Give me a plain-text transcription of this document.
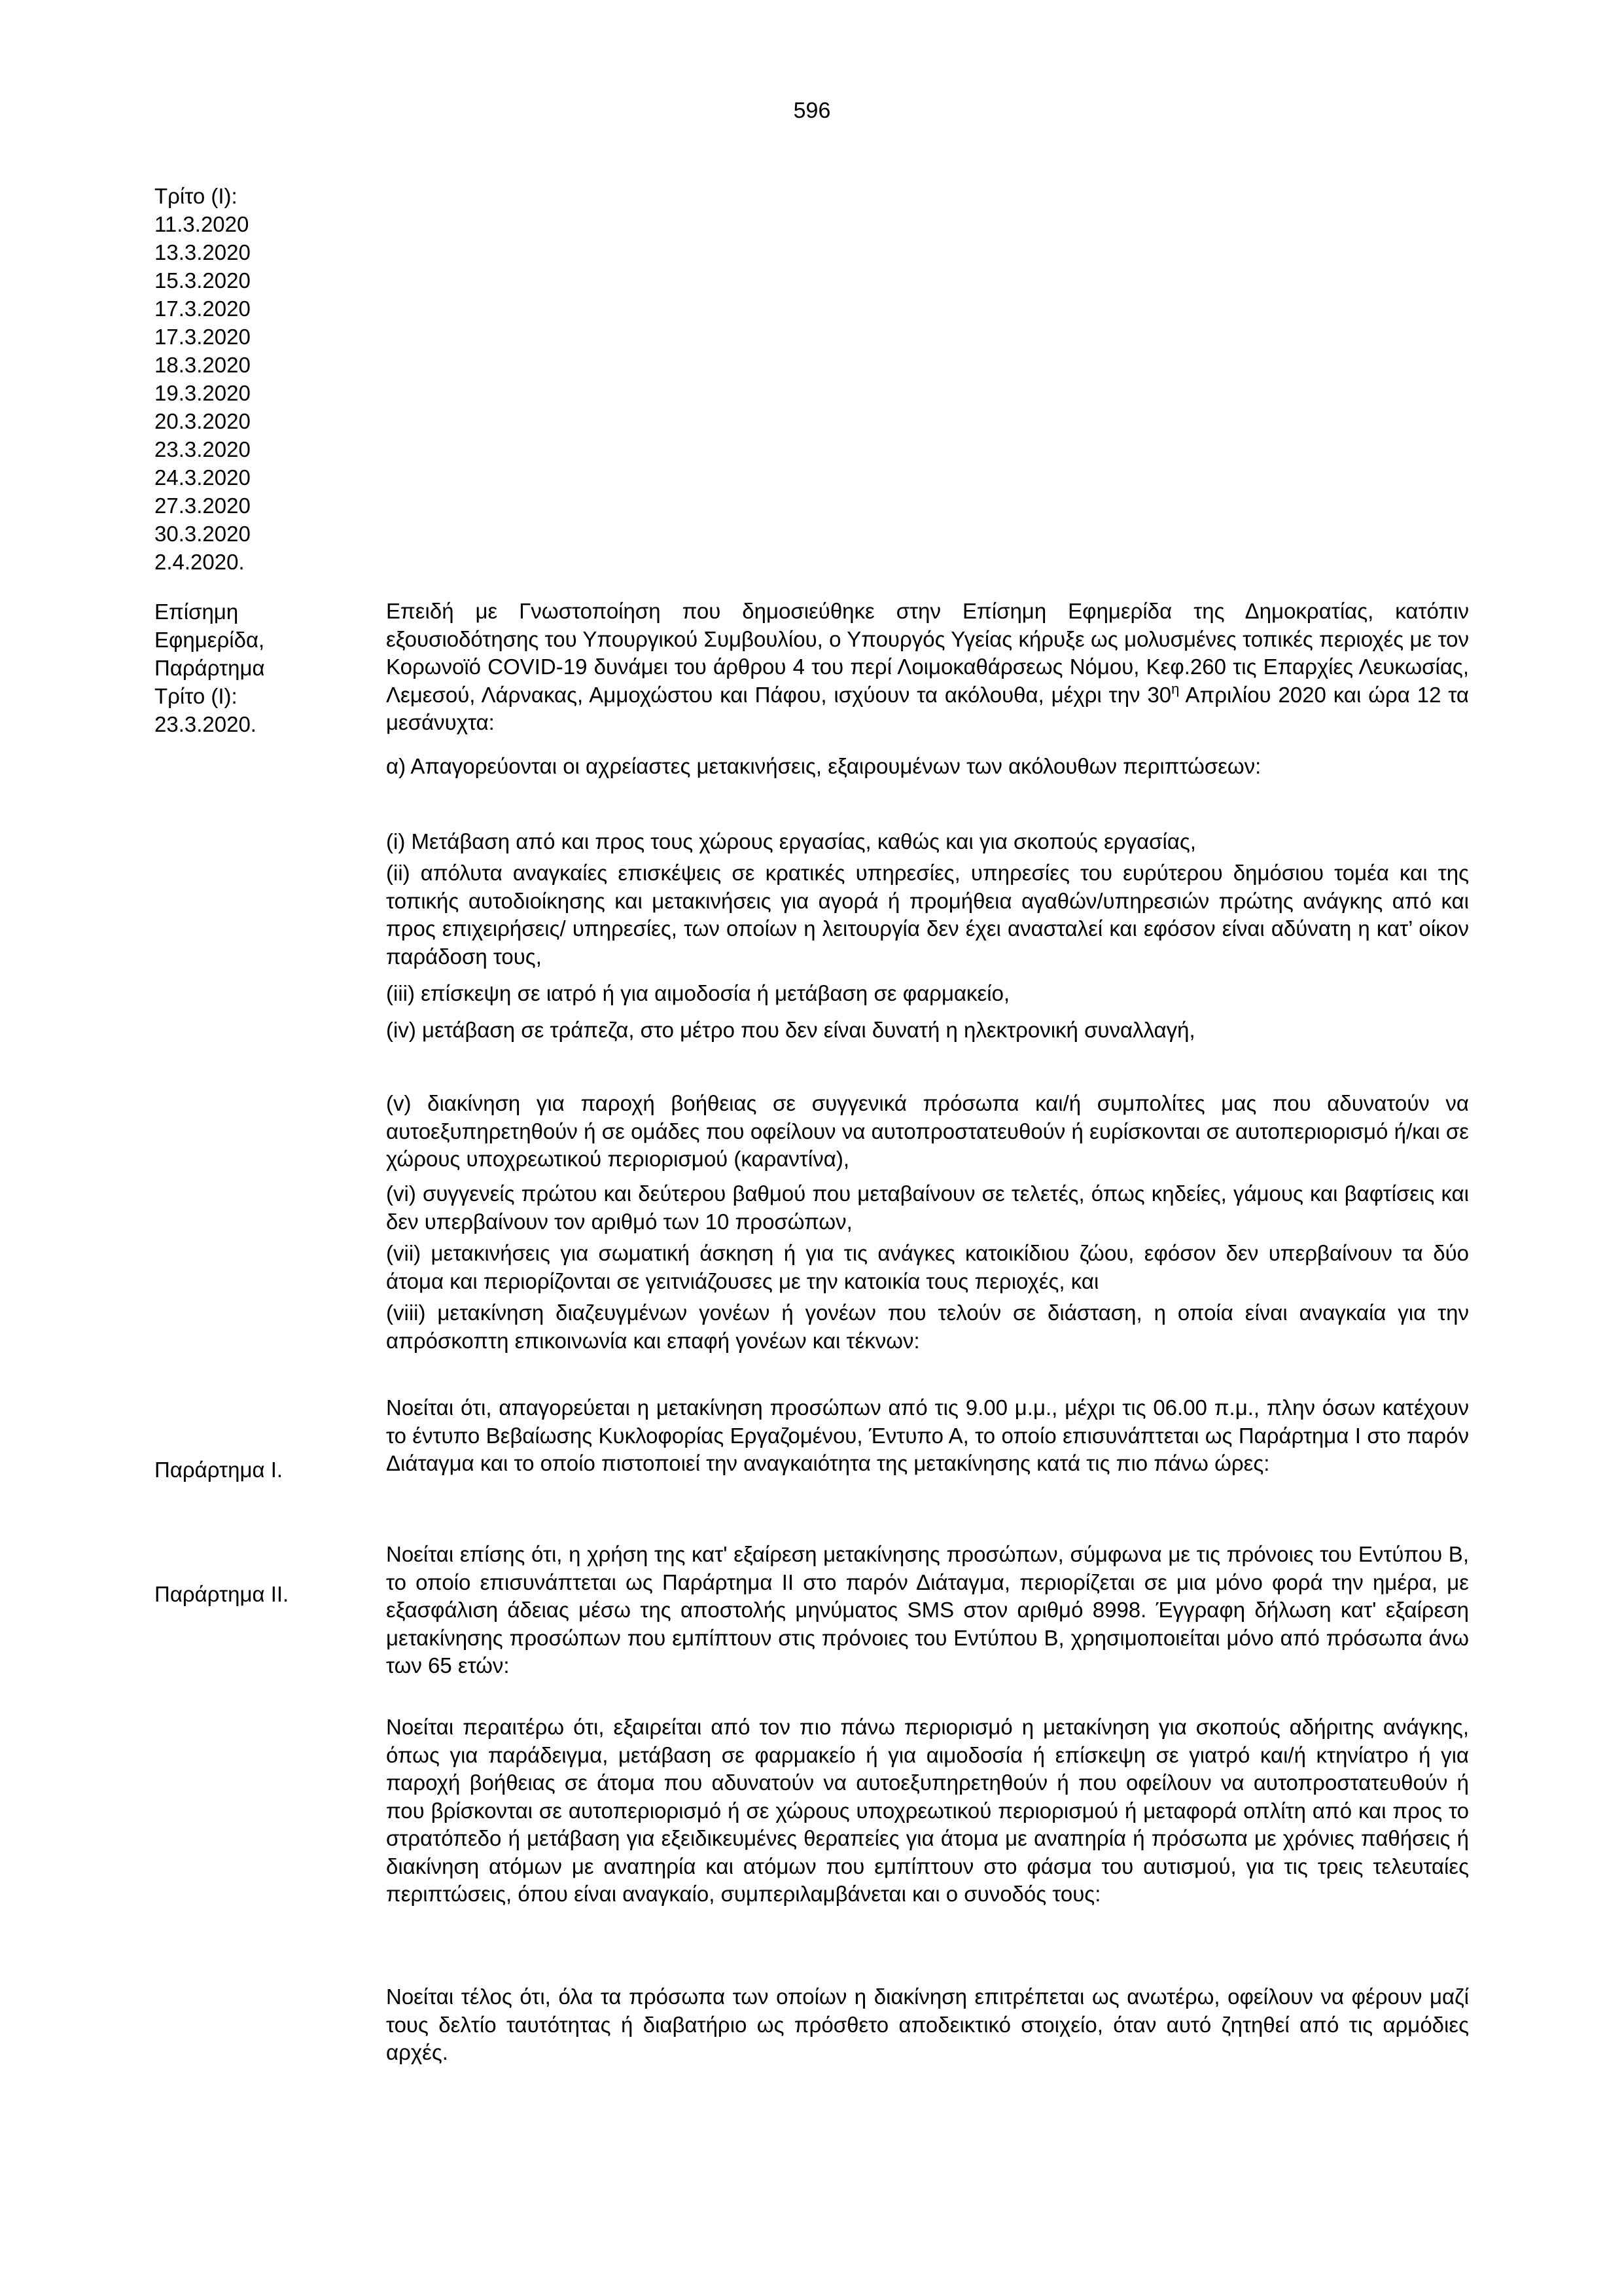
596
Τρίτο (Ι):
11.3.2020
13.3.2020
15.3.2020
17.3.2020
17.3.2020
18.3.2020
19.3.2020
20.3.2020
23.3.2020
24.3.2020
27.3.2020
30.3.2020
2.4.2020.
Επίσημη
Εφημερίδα,
Παράρτημα
Τρίτο (Ι):
23.3.2020.
Παράρτημα Ι.
Παράρτημα ΙΙ.
Επειδή με Γνωστοποίηση που δημοσιεύθηκε στην Επίσημη Εφημερίδα της Δημοκρατίας, κατόπιν εξουσιοδότησης του Υπουργικού Συμβουλίου, ο Υπουργός Υγείας κήρυξε ως μολυσμένες τοπικές περιοχές με τον Κορωνοϊό COVID-19 δυνάμει του άρθρου 4 του περί Λοιμοκαθάρσεως Νόμου, Κεφ.260 τις Επαρχίες Λευκωσίας, Λεμεσού, Λάρνακας, Αμμοχώστου και Πάφου, ισχύουν τα ακόλουθα, μέχρι την $30^\eta$ Απριλίου 2020 και ώρα 12 τα μεσάνυχτα:
α) Απαγορεύονται οι αχρείαστες μετακινήσεις, εξαιρουμένων των ακόλουθων περιπτώσεων:
(i) Μετάβαση από και προς τους χώρους εργασίας, καθώς και για σκοπούς εργασίας,
(ii) απόλυτα αναγκαίες επισκέψεις σε κρατικές υπηρεσίες, υπηρεσίες του ευρύτερου δημόσιου τομέα και της τοπικής αυτοδιοίκησης και μετακινήσεις για αγορά ή προμήθεια αγαθών/υπηρεσιών πρώτης ανάγκης από και προς επιχειρήσεις/ υπηρεσίες, των οποίων η λειτουργία δεν έχει ανασταλεί και εφόσον είναι αδύνατη η κατ’ οίκον παράδοση τους,
(iii) επίσκεψη σε ιατρό ή για αιμοδοσία ή μετάβαση σε φαρμακείο,
(iv) μετάβαση σε τράπεζα, στο μέτρο που δεν είναι δυνατή η ηλεκτρονική συναλλαγή,
(v) διακίνηση για παροχή βοήθειας σε συγγενικά πρόσωπα και/ή συμπολίτες μας που αδυνατούν να αυτοεξυπηρετηθούν ή σε ομάδες που οφείλουν να αυτοπροστατευθούν ή ευρίσκονται σε αυτοπεριορισμό ή/και σε χώρους υποχρεωτικού περιορισμού (καραντίνα),
(vi) συγγενείς πρώτου και δεύτερου βαθμού που μεταβαίνουν σε τελετές, όπως κηδείες, γάμους και βαφτίσεις και δεν υπερβαίνουν τον αριθμό των 10 προσώπων,
(vii) μετακινήσεις για σωματική άσκηση ή για τις ανάγκες κατοικίδιου ζώου, εφόσον δεν υπερβαίνουν τα δύο άτομα και περιορίζονται σε γειτνιάζουσες με την κατοικία τους περιοχές, και
(viii) μετακίνηση διαζευγμένων γονέων ή γονέων που τελούν σε διάσταση, η οποία είναι αναγκαία για την απρόσκοπτη επικοινωνία και επαφή γονέων και τέκνων:
Νοείται ότι, απαγορεύεται η μετακίνηση προσώπων από τις 9.00 μ.μ., μέχρι τις 06.00 π.μ., πλην όσων κατέχουν το έντυπο Βεβαίωσης Κυκλοφορίας Εργαζομένου, Έντυπο Α, το οποίο επισυνάπτεται ως Παράρτημα Ι στο παρόν Διάταγμα και το οποίο πιστοποιεί την αναγκαιότητα της μετακίνησης κατά τις πιο πάνω ώρες:
Νοείται επίσης ότι, η χρήση της κατ' εξαίρεση μετακίνησης προσώπων, σύμφωνα με τις πρόνοιες του Εντύπου Β, το οποίο επισυνάπτεται ως Παράρτημα ΙΙ στο παρόν Διάταγμα, περιορίζεται σε μια μόνο φορά την ημέρα, με εξασφάλιση άδειας μέσω της αποστολής μηνύματος SMS στον αριθμό 8998. Έγγραφη δήλωση κατ' εξαίρεση μετακίνησης προσώπων που εμπίπτουν στις πρόνοιες του Εντύπου Β, χρησιμοποιείται μόνο από πρόσωπα άνω των 65 ετών:
Νοείται περαιτέρω ότι, εξαιρείται από τον πιο πάνω περιορισμό η μετακίνηση για σκοπούς αδήριτης ανάγκης, όπως για παράδειγμα, μετάβαση σε φαρμακείο ή για αιμοδοσία ή επίσκεψη σε γιατρό και/ή κτηνίατρο ή για παροχή βοήθειας σε άτομα που αδυνατούν να αυτοεξυπηρετηθούν ή που οφείλουν να αυτοπροστατευθούν ή που βρίσκονται σε αυτοπεριορισμό ή σε χώρους υποχρεωτικού περιορισμού ή μεταφορά οπλίτη από και προς το στρατόπεδο ή μετάβαση για εξειδικευμένες θεραπείες για άτομα με αναπηρία ή πρόσωπα με χρόνιες παθήσεις ή διακίνηση ατόμων με αναπηρία και ατόμων που εμπίπτουν στο φάσμα του αυτισμού, για τις τρεις τελευταίες περιπτώσεις, όπου είναι αναγκαίο, συμπεριλαμβάνεται και ο συνοδός τους:
Νοείται τέλος ότι, όλα τα πρόσωπα των οποίων η διακίνηση επιτρέπεται ως ανωτέρω, οφείλουν να φέρουν μαζί τους δελτίο ταυτότητας ή διαβατήριο ως πρόσθετο αποδεικτικό στοιχείο, όταν αυτό ζητηθεί από τις αρμόδιες αρχές.
